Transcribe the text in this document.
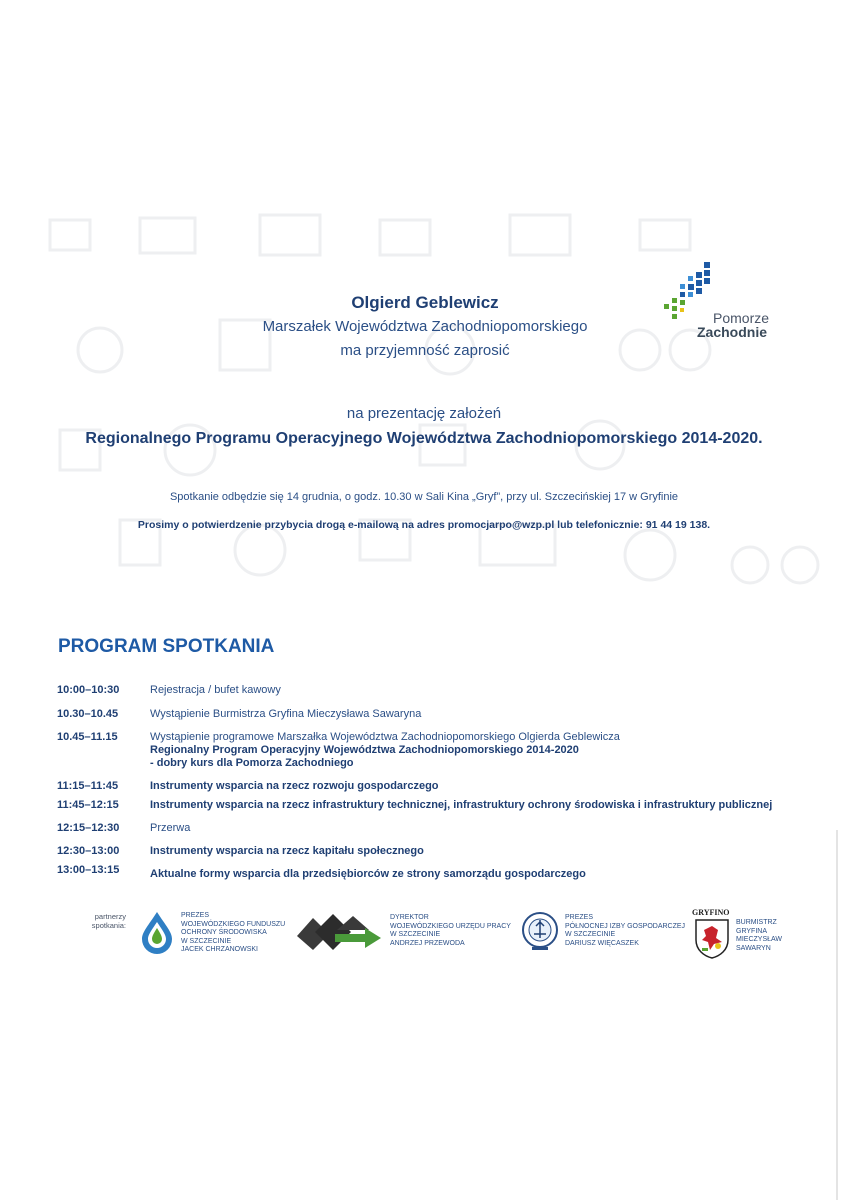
Olgierd Geblewicz
Marszałek Województwa Zachodniopomorskiego
ma przyjemność zaprosić
Pomorze
Zachodnie
na prezentację założeń
Regionalnego Programu Operacyjnego Województwa Zachodniopomorskiego 2014-2020.
Spotkanie odbędzie się 14 grudnia, o godz. 10.30 w Sali Kina „Gryf”, przy ul. Szczecińskiej 17 w Gryfinie
Prosimy o potwierdzenie przybycia drogą e-mailową na adres promocjarpo@wzp.pl lub telefonicznie: 91 44 19 138.
PROGRAM SPOTKANIA
10:00–10:30	Rejestracja / bufet kawowy
10.30–10.45	Wystąpienie Burmistrza Gryfina Mieczysława Sawaryna
10.45–11.15	Wystąpienie programowe Marszałka Województwa Zachodniopomorskiego Olgierda Geblewicza
Regionalny Program Operacyjny Województwa Zachodniopomorskiego 2014-2020
- dobry kurs dla Pomorza Zachodniego
11:15–11:45	Instrumenty wsparcia na rzecz rozwoju gospodarczego
11:45–12:15	Instrumenty wsparcia na rzecz infrastruktury technicznej, infrastruktury ochrony środowiska i infrastruktury publicznej
12:15–12:30	Przerwa
12:30–13:00	Instrumenty wsparcia na rzecz kapitału społecznego
13:00–13:15	Aktualne formy wsparcia dla przedsiębiorców ze strony samorządu gospodarczego
partnerzy
spotkania:
PREZES
WOJEWÓDZKIEGO FUNDUSZU
OCHRONY ŚRODOWISKA
W SZCZECINIE
JACEK CHRZANOWSKI
DYREKTOR
WOJEWÓDZKIEGO URZĘDU PRACY
W SZCZECINIE
ANDRZEJ PRZEWODA
PREZES
PÓŁNOCNEJ IZBY GOSPODARCZEJ
W SZCZECINIE
DARIUSZ WIĘCASZEK
GRYFINO
BURMISTRZ
GRYFINA
MIECZYSŁAW
SAWARYN
